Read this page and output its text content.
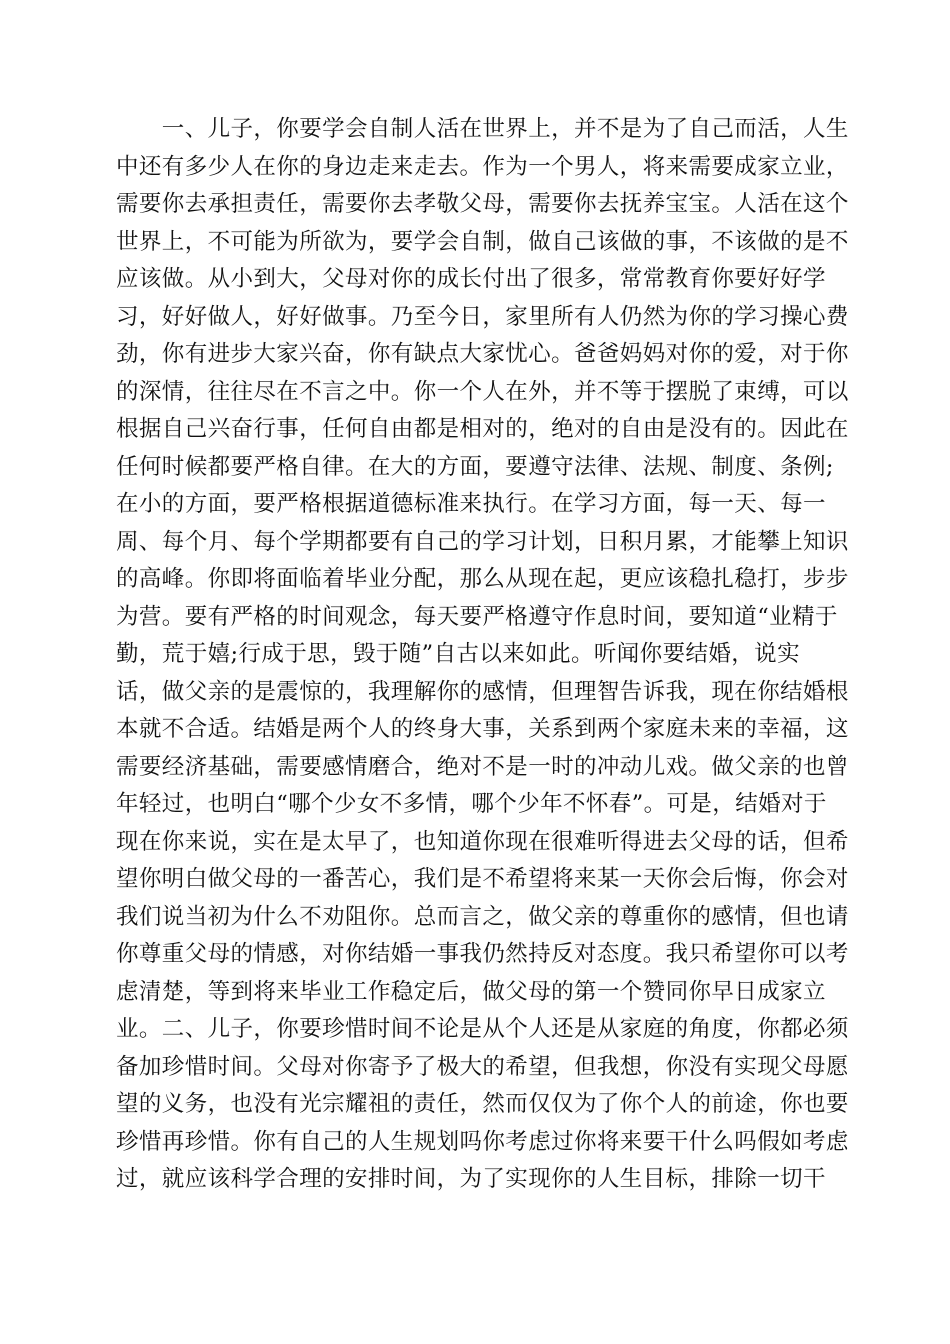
　　一、儿子，你要学会自制人活在世界上，并不是为了自己而活，人生
中还有多少人在你的身边走来走去。作为一个男人，将来需要成家立业，
需要你去承担责任，需要你去孝敬父母，需要你去抚养宝宝。人活在这个
世界上，不可能为所欲为，要学会自制，做自己该做的事，不该做的是不
应该做。从小到大，父母对你的成长付出了很多，常常教育你要好好学
习，好好做人，好好做事。乃至今日，家里所有人仍然为你的学习操心费
劲，你有进步大家兴奋，你有缺点大家忧心。爸爸妈妈对你的爱，对于你
的深情，往往尽在不言之中。你一个人在外，并不等于摆脱了束缚，可以
根据自己兴奋行事，任何自由都是相对的，绝对的自由是没有的。因此在
任何时候都要严格自律。在大的方面，要遵守法律、法规、制度、条例;
在小的方面，要严格根据道德标准来执行。在学习方面，每一天、每一
周、每个月、每个学期都要有自己的学习计划，日积月累，才能攀上知识
的高峰。你即将面临着毕业分配，那么从现在起，更应该稳扎稳打，步步
为营。要有严格的时间观念，每天要严格遵守作息时间，要知道“业精于
勤，荒于嬉;行成于思，毁于随”自古以来如此。听闻你要结婚，说实
话，做父亲的是震惊的，我理解你的感情，但理智告诉我，现在你结婚根
本就不合适。结婚是两个人的终身大事，关系到两个家庭未来的幸福，这
需要经济基础，需要感情磨合，绝对不是一时的冲动儿戏。做父亲的也曾
年轻过，也明白“哪个少女不多情，哪个少年不怀春”。可是，结婚对于
现在你来说，实在是太早了，也知道你现在很难听得进去父母的话，但希
望你明白做父母的一番苦心，我们是不希望将来某一天你会后悔，你会对
我们说当初为什么不劝阻你。总而言之，做父亲的尊重你的感情，但也请
你尊重父母的情感，对你结婚一事我仍然持反对态度。我只希望你可以考
虑清楚，等到将来毕业工作稳定后，做父母的第一个赞同你早日成家立
业。二、儿子，你要珍惜时间不论是从个人还是从家庭的角度，你都必须
备加珍惜时间。父母对你寄予了极大的希望，但我想，你没有实现父母愿
望的义务，也没有光宗耀祖的责任，然而仅仅为了你个人的前途，你也要
珍惜再珍惜。你有自己的人生规划吗你考虑过你将来要干什么吗假如考虑
过，就应该科学合理的安排时间，为了实现你的人生目标，排除一切干
